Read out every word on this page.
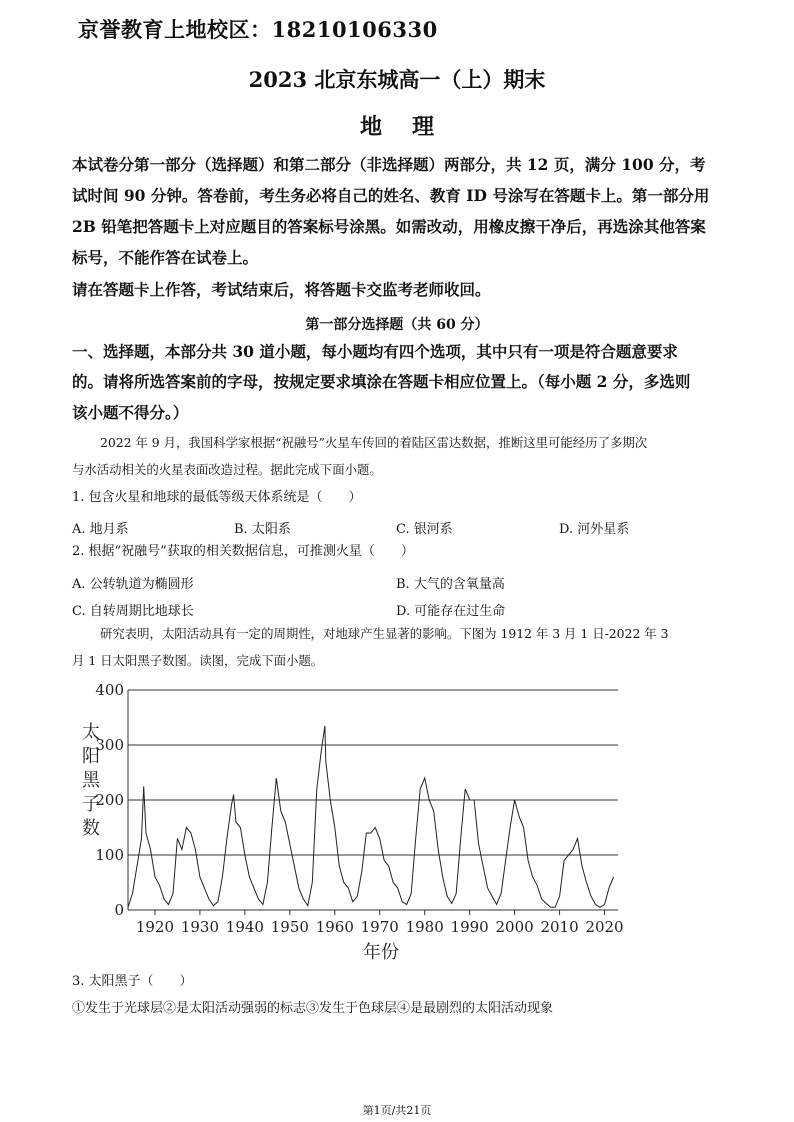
京誉教育上地校区：18210106330
2023 北京东城高一（上）期末
地理
本试卷分第一部分（选择题）和第二部分（非选择题）两部分，共 12 页，满分 100 分，考
试时间 90 分钟。答卷前，考生务必将自己的姓名、教育 ID 号涂写在答题卡上。第一部分用
2B 铅笔把答题卡上对应题目的答案标号涂黑。如需改动，用橡皮擦干净后，再选涂其他答案
标号，不能作答在试卷上。
请在答题卡上作答，考试结束后，将答题卡交监考老师收回。
第一部分选择题（共 60 分）
一、选择题，本部分共 30 道小题，每小题均有四个选项，其中只有一项是符合题意要求
的。请将所选答案前的字母，按规定要求填涂在答题卡相应位置上。（每小题 2 分，多选则
该小题不得分。）
2022 年 9 月，我国科学家根据“祝融号”火星车传回的着陆区雷达数据，推断这里可能经历了多期次
与水活动相关的火星表面改造过程。据此完成下面小题。
1. 包含火星和地球的最低等级天体系统是（　　）
A. 地月系	B. 太阳系	C. 银河系	D. 河外星系
2. 根据“祝融号”获取的相关数据信息，可推测火星（　　）
A. 公转轨道为椭圆形	B. 大气的含氧量高
C. 自转周期比地球长	D. 可能存在过生命
研究表明，太阳活动具有一定的周期性，对地球产生显著的影响。下图为 1912 年 3 月 1 日-2022 年 3
月 1 日太阳黑子数图。读图，完成下面小题。
0
100
200
300
400
1920 1930 1940 1950 1960 1970 1980 1990 2000 2010 2020
太阳黑子数
年份
3. 太阳黑子（　　）
①发生于光球层②是太阳活动强弱的标志③发生于色球层④是最剧烈的太阳活动现象
第1页/共21页
